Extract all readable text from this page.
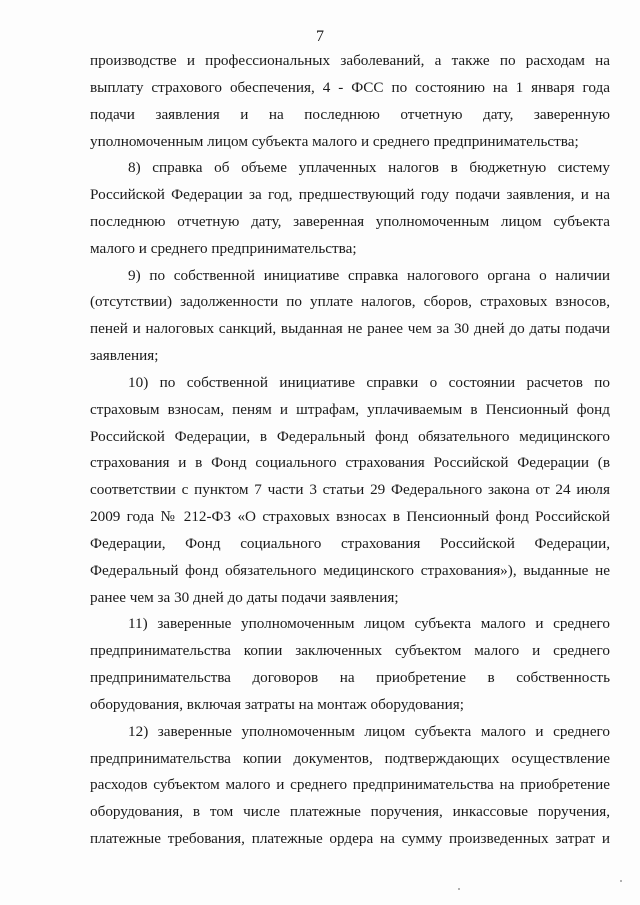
7
производстве и профессиональных заболеваний, а также по расходам на
выплату страхового обеспечения, 4 - ФСС по состоянию на 1 января года
подачи заявления и на последнюю отчетную дату, заверенную
уполномоченным лицом субъекта малого и среднего предпринимательства;
8) справка об объеме уплаченных налогов в бюджетную систему
Российской Федерации за год, предшествующий году подачи заявления, и на
последнюю отчетную дату, заверенная уполномоченным лицом субъекта
малого и среднего предпринимательства;
9) по собственной инициативе справка налогового органа о наличии
(отсутствии) задолженности по уплате налогов, сборов, страховых взносов,
пеней и налоговых санкций, выданная не ранее чем за 30 дней до даты подачи
заявления;
10) по собственной инициативе справки о состоянии расчетов по
страховым взносам, пеням и штрафам, уплачиваемым в Пенсионный фонд
Российской Федерации, в Федеральный фонд обязательного медицинского
страхования и в Фонд социального страхования Российской Федерации (в
соответствии с пунктом 7 части 3 статьи 29 Федерального закона от 24 июля
2009 года № 212-ФЗ «О страховых взносах в Пенсионный фонд Российской
Федерации, Фонд социального страхования Российской Федерации,
Федеральный фонд обязательного медицинского страхования»), выданные не
ранее чем за 30 дней до даты подачи заявления;
11) заверенные уполномоченным лицом субъекта малого и среднего
предпринимательства копии заключенных субъектом малого и среднего
предпринимательства договоров на приобретение в собственность
оборудования, включая затраты на монтаж оборудования;
12) заверенные уполномоченным лицом субъекта малого и среднего
предпринимательства копии документов, подтверждающих осуществление
расходов субъектом малого и среднего предпринимательства на приобретение
оборудования, в том числе платежные поручения, инкассовые поручения,
платежные требования, платежные ордера на сумму произведенных затрат и
